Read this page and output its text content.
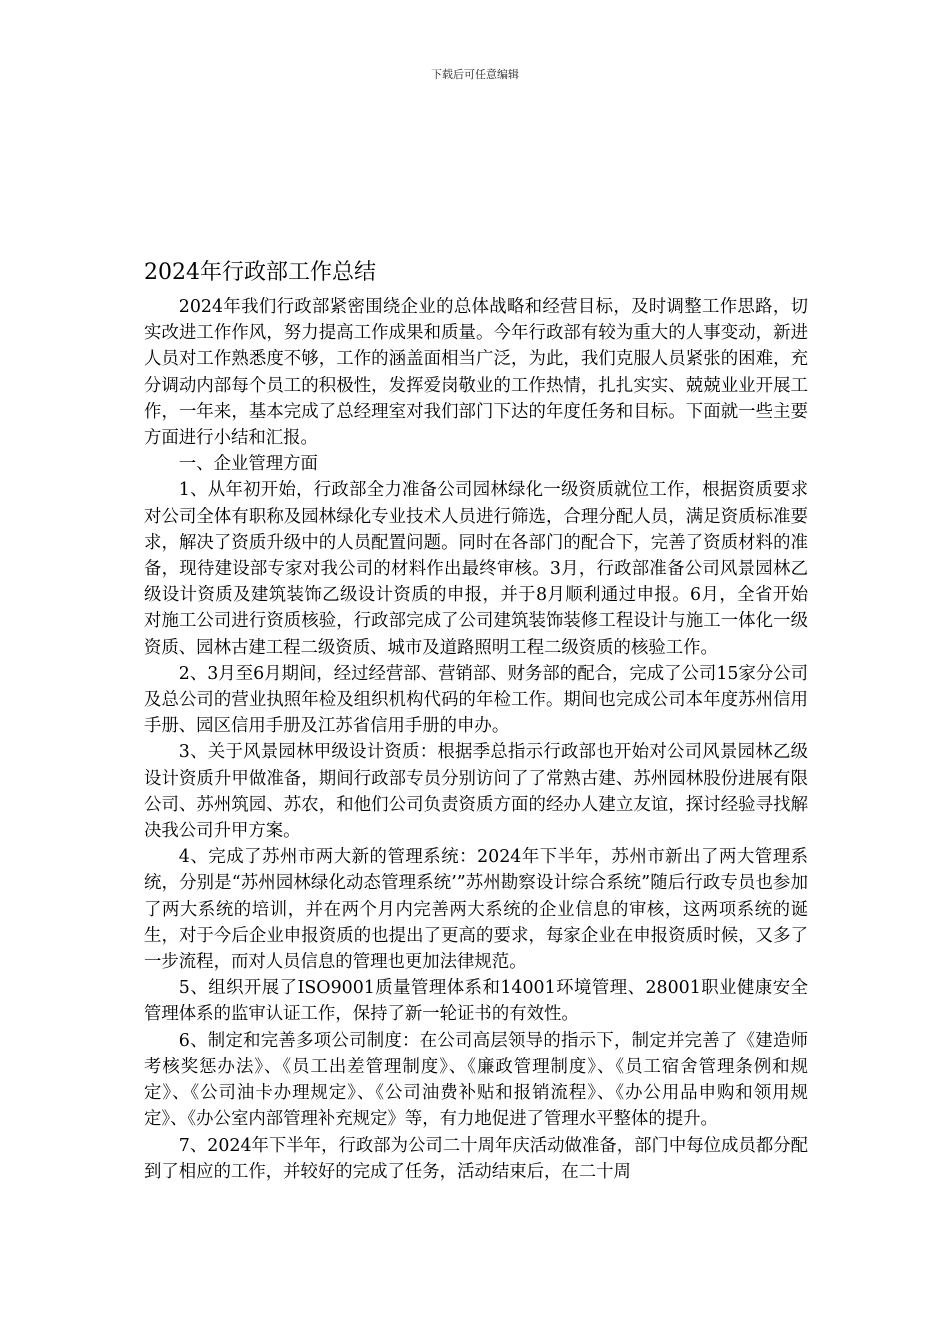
下载后可任意编辑
2024年行政部工作总结

2024年我们行政部紧密围绕企业的总体战略和经营目标，及时调整工作思路，切实改进工作作风，努力提高工作成果和质量。今年行政部有较为重大的人事变动，新进人员对工作熟悉度不够，工作的涵盖面相当广泛，为此，我们克服人员紧张的困难，充分调动内部每个员工的积极性，发挥爱岗敬业的工作热情，扎扎实实、兢兢业业开展工作，一年来，基本完成了总经理室对我们部门下达的年度任务和目标。下面就一些主要方面进行小结和汇报。

一、企业管理方面

1、从年初开始，行政部全力准备公司园林绿化一级资质就位工作，根据资质要求对公司全体有职称及园林绿化专业技术人员进行筛选，合理分配人员，满足资质标准要求，解决了资质升级中的人员配置问题。同时在各部门的配合下，完善了资质材料的准备，现待建设部专家对我公司的材料作出最终审核。3月，行政部准备公司风景园林乙级设计资质及建筑装饰乙级设计资质的申报，并于8月顺利通过申报。6月，全省开始对施工公司进行资质核验，行政部完成了公司建筑装饰装修工程设计与施工一体化一级资质、园林古建工程二级资质、城市及道路照明工程二级资质的核验工作。

2、3月至6月期间，经过经营部、营销部、财务部的配合，完成了公司15家分公司及总公司的营业执照年检及组织机构代码的年检工作。期间也完成公司本年度苏州信用手册、园区信用手册及江苏省信用手册的申办。

3、关于风景园林甲级设计资质：根据季总指示行政部也开始对公司风景园林乙级设计资质升甲做准备，期间行政部专员分别访问了了常熟古建、苏州园林股份进展有限公司、苏州筑园、苏农，和他们公司负责资质方面的经办人建立友谊，探讨经验寻找解决我公司升甲方案。

4、完成了苏州市两大新的管理系统：2024年下半年，苏州市新出了两大管理系统，分别是“苏州园林绿化动态管理系统’”苏州勘察设计综合系统”随后行政专员也参加了两大系统的培训，并在两个月内完善两大系统的企业信息的审核，这两项系统的诞生，对于今后企业申报资质的也提出了更高的要求，每家企业在申报资质时候，又多了一步流程，而对人员信息的管理也更加法律规范。

5、组织开展了ISO9001质量管理体系和14001环境管理、28001职业健康安全管理体系的监审认证工作，保持了新一轮证书的有效性。

6、制定和完善多项公司制度：在公司高层领导的指示下，制定并完善了《建造师考核奖惩办法》、《员工出差管理制度》、《廉政管理制度》、《员工宿舍管理条例和规定》、《公司油卡办理规定》、《公司油费补贴和报销流程》、《办公用品申购和领用规定》、《办公室内部管理补充规定》等，有力地促进了管理水平整体的提升。

7、2024年下半年，行政部为公司二十周年庆活动做准备，部门中每位成员都分配到了相应的工作，并较好的完成了任务，活动结束后，在二十周
